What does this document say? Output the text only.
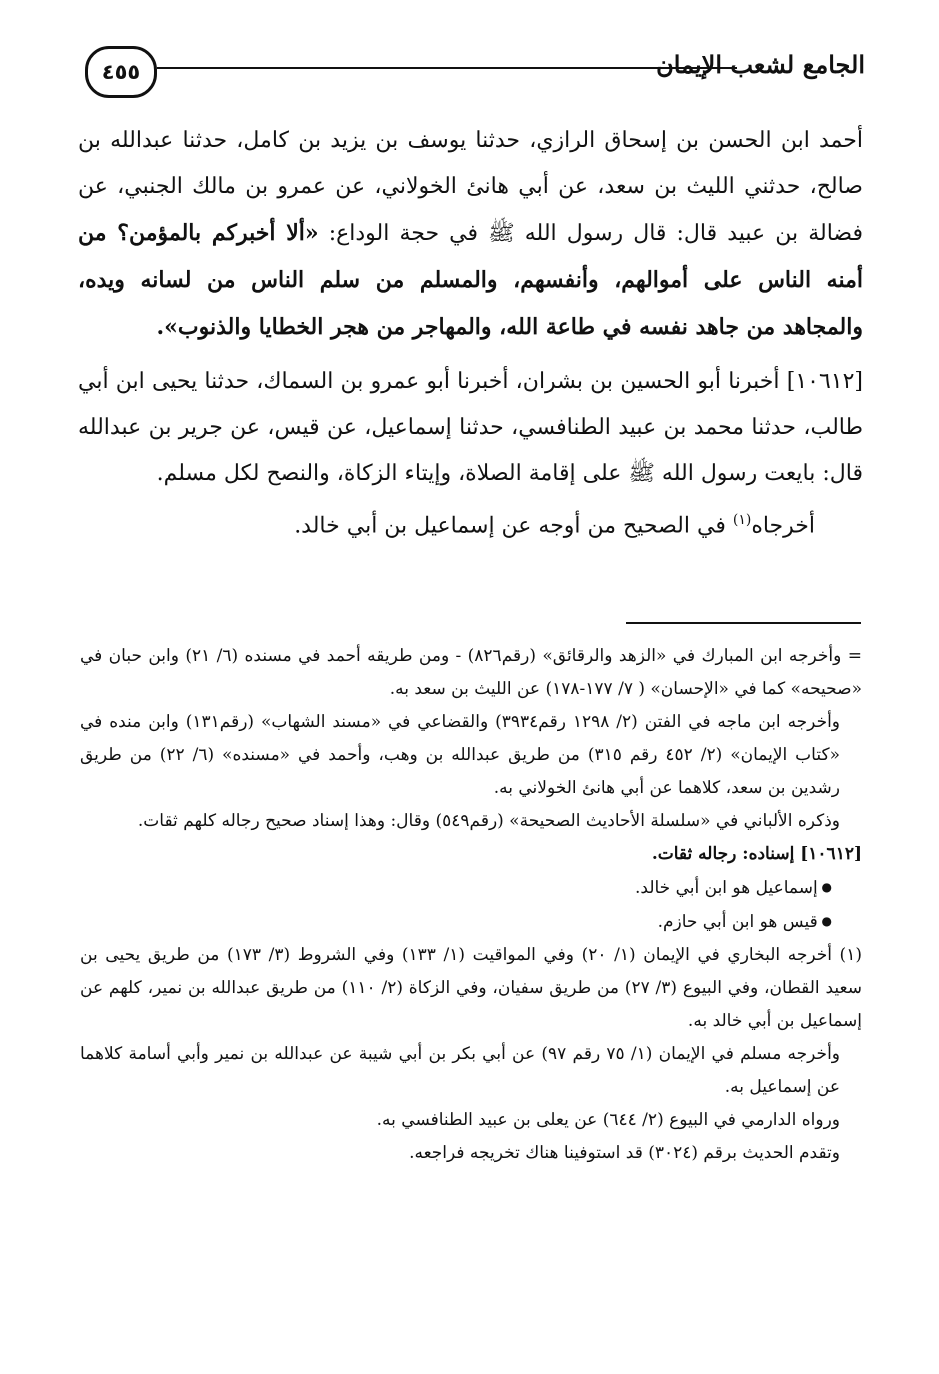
٤٥٥	الجامع لشعب الإيمان

أحمد ابن الحسن بن إسحاق الرازي، حدثنا يوسف بن يزيد بن كامل، حدثنا عبدالله بن صالح، حدثني الليث بن سعد، عن أبي هانئ الخولاني، عن عمرو بن مالك الجنبي، عن فضالة بن عبيد قال: قال رسول الله ﷺ في حجة الوداع: «ألا أخبركم بالمؤمن؟ من أمنه الناس على أموالهم، وأنفسهم، والمسلم من سلم الناس من لسانه ويده، والمجاهد من جاهد نفسه في طاعة الله، والمهاجر من هجر الخطايا والذنوب».

[١٠٦١٢] أخبرنا أبو الحسين بن بشران، أخبرنا أبو عمرو بن السماك، حدثنا يحيى ابن أبي طالب، حدثنا محمد بن عبيد الطنافسي، حدثنا إسماعيل، عن قيس، عن جرير بن عبدالله قال: بايعت رسول الله ﷺ على إقامة الصلاة، وإيتاء الزكاة، والنصح لكل مسلم.

أخرجاه$^{(١)}$ في الصحيح من أوجه عن إسماعيل بن أبي خالد.

= وأخرجه ابن المبارك في «الزهد والرقائق» (رقم٨٢٦) - ومن طريقه أحمد في مسنده (٦/ ٢١) وابن حبان في «صحيحه» كما في «الإحسان» ( ٧/ ١٧٧-١٧٨) عن الليث بن سعد به.

وأخرجه ابن ماجه في الفتن (٢/ ١٢٩٨ رقم٣٩٣٤) والقضاعي في «مسند الشهاب» (رقم١٣١) وابن منده في «كتاب الإيمان» (٢/ ٤٥٢ رقم ٣١٥) من طريق عبدالله بن وهب، وأحمد في «مسنده» (٦/ ٢٢) من طريق رشدين بن سعد، كلاهما عن أبي هانئ الخولاني به.

وذكره الألباني في «سلسلة الأحاديث الصحيحة» (رقم٥٤٩) وقال: وهذا إسناد صحيح رجاله كلهم ثقات.

[١٠٦١٢] إسناده: رجاله ثقات.

● إسماعيل هو ابن أبي خالد.

● قيس هو ابن أبي حازم.

(١) أخرجه البخاري في الإيمان (١/ ٢٠) وفي المواقيت (١/ ١٣٣) وفي الشروط (٣/ ١٧٣) من طريق يحيى بن سعيد القطان، وفي البيوع (٣/ ٢٧) من طريق سفيان، وفي الزكاة (٢/ ١١٠) من طريق عبدالله بن نمير، كلهم عن إسماعيل بن أبي خالد به.

وأخرجه مسلم في الإيمان (١/ ٧٥ رقم ٩٧) عن أبي بكر بن أبي شيبة عن عبدالله بن نمير وأبي أسامة كلاهما عن إسماعيل به.

ورواه الدارمي في البيوع (٢/ ٦٤٤) عن يعلى بن عبيد الطنافسي به.

وتقدم الحديث برقم (٣٠٢٤) قد استوفينا هناك تخريجه فراجعه.
